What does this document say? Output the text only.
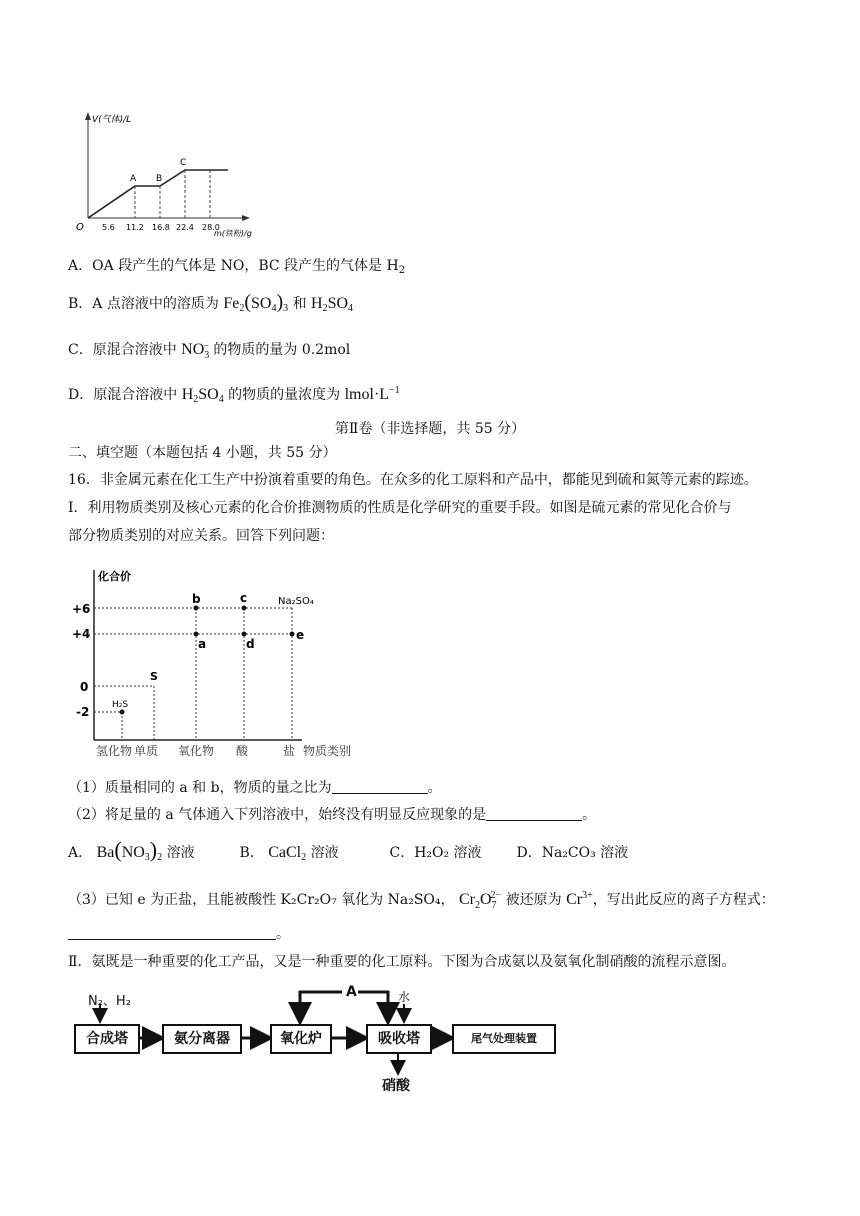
V(气体)/L
O 5.6 11.2 16.8 22.4 28.0
m(铁粉)/g
A B
C
A．OA 段产生的气体是 NO，BC 段产生的气体是 $H_2$
B．A 点溶液中的溶质为 $Fe_2(SO_4)_3$ 和 $H_2SO_4$
C．原混合溶液中 $NO_3^-$ 的物质的量为 0.2mol
D．原混合溶液中 $H_2SO_4$ 的物质的量浓度为 $lmol\cdot L^{-1}$
第Ⅱ卷（非选择题，共 55 分）
二、填空题（本题包括 4 小题，共 55 分）
16．非金属元素在化工生产中扮演着重要的角色。在众多的化工原料和产品中，都能见到硫和氮等元素的踪迹。
Ⅰ．利用物质类别及核心元素的化合价推测物质的性质是化学研究的重要手段。如图是硫元素的常见化合价与
部分物质类别的对应关系。回答下列问题：
化合价
+6
+4
0
-2
b	c
a	d
e
S
H₂S
Na₂SO₄
氢化物 单质 氧化物 酸	盐 物质类别
（1）质量相同的 a 和 b，物质的量之比为	。
（2）将足量的 a 气体通入下列溶液中，始终没有明显反应现象的是	。
A． $Ba(NO_3)_2$ 溶液	B． CaCl$_2$ 溶液	C．H₂O₂ 溶液 D．Na₂CO₃ 溶液
（3）已知 e 为正盐，且能被酸性 K₂Cr₂O₇ 氧化为 Na₂SO₄， $Cr_2O_7^{2-}$ 被还原为 $Cr^{3+}$，写出此反应的离子方程式：
。
Ⅱ．氨既是一种重要的化工产品，又是一种重要的化工原料。下图为合成氨以及氨氧化制硝酸的流程示意图。
N₂、H₂
A	水
合成塔	氨分离器	氧化炉	吸收塔	尾气处理装置
硝酸
